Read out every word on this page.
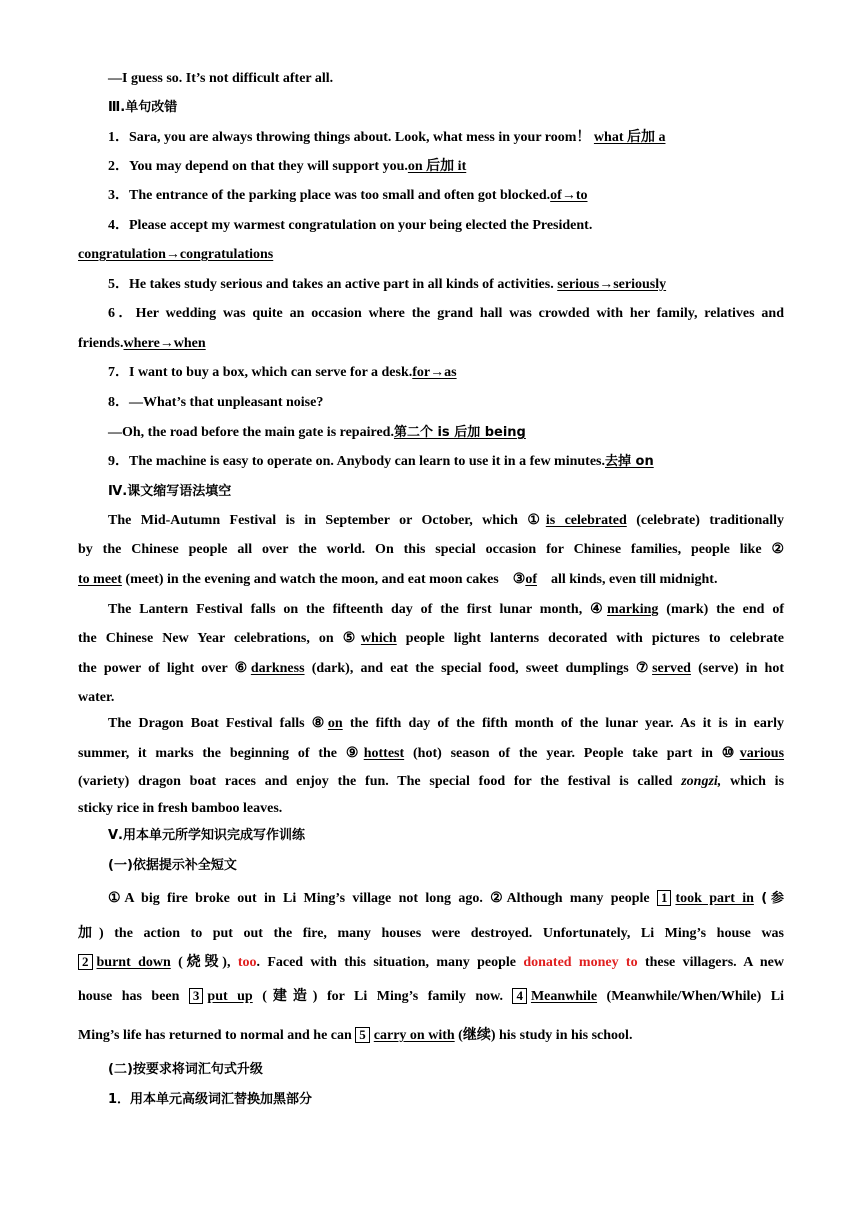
—I guess so. It’s not difficult after all.
Ⅲ.单句改错
1．Sara, you are always throwing things about. Look, what mess in your room！ what 后加 a
2．You may depend on that they will support you.on 后加 it
3．The entrance of the parking place was too small and often got blocked.of→to
4．Please accept my warmest congratulation on your being elected the President.
congratulation→congratulations
5．He takes study serious and takes an active part in all kinds of activities. serious→seriously
6．Her wedding was quite an occasion where the grand hall was crowded with her family, relatives and
friends.where→when
7．I want to buy a box, which can serve for a desk.for→as
8．—What’s that unpleasant noise?
—Oh, the road before the main gate is repaired.第二个 is 后加 being
9．The machine is easy to operate on. Anybody can learn to use it in a few minutes.去掉 on
Ⅳ.课文缩写语法填空
The Mid-Autumn Festival is in September or October, which ①is celebrated (celebrate) traditionally
by the Chinese people all over the world. On this special occasion for Chinese families, people like ②
to meet (meet) in the evening and watch the moon, and eat moon cakes ③of all kinds, even till midnight.
The Lantern Festival falls on the fifteenth day of the first lunar month, ④marking (mark) the end of
the Chinese New Year celebrations, on ⑤which people light lanterns decorated with pictures to celebrate
the power of light over ⑥darkness (dark), and eat the special food, sweet dumplings ⑦served (serve) in hot
water.
The Dragon Boat Festival falls ⑧on the fifth day of the fifth month of the lunar year. As it is in early
summer, it marks the beginning of the ⑨hottest (hot) season of the year. People take part in ⑩various
(variety) dragon boat races and enjoy the fun. The special food for the festival is called zongzi, which is
sticky rice in fresh bamboo leaves.
Ⅴ.用本单元所学知识完成写作训练
(一)依据提示补全短文
①A big fire broke out in Li Ming’s village not long ago. ②Although many people 1 took part in (参
加) the action to put out the fire, many houses were destroyed. Unfortunately, Li Ming’s house was
2 burnt down (烧毁), too. Faced with this situation, many people donated money to these villagers. A new
house has been 3 put up (建造) for Li Ming’s family now. 4 Meanwhile (Meanwhile/When/While) Li
Ming’s life has returned to normal and he can 5 carry on with (继续) his study in his school.
(二)按要求将词汇句式升级
1．用本单元高级词汇替换加黑部分
